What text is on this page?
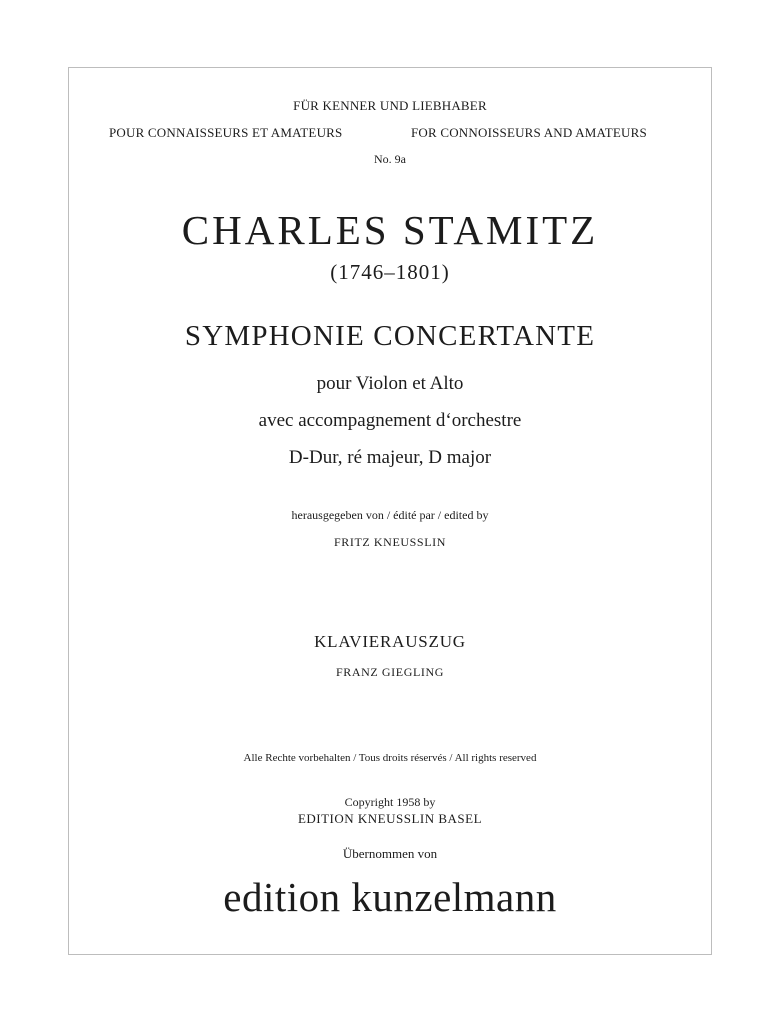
FÜR KENNER UND LIEBHABER
POUR CONNAISSEURS ET AMATEURS	FOR CONNOISSEURS AND AMATEURS
No. 9a
CHARLES STAMITZ
(1746–1801)
SYMPHONIE CONCERTANTE
pour Violon et Alto
avec accompagnement d‘orchestre
D-Dur, ré majeur, D major
herausgegeben von / édité par / edited by
FRITZ KNEUSSLIN
KLAVIERAUSZUG
FRANZ GIEGLING
Alle Rechte vorbehalten / Tous droits réservés / All rights reserved
Copyright 1958 by
EDITION KNEUSSLIN BASEL
Übernommen von
edition kunzelmann
